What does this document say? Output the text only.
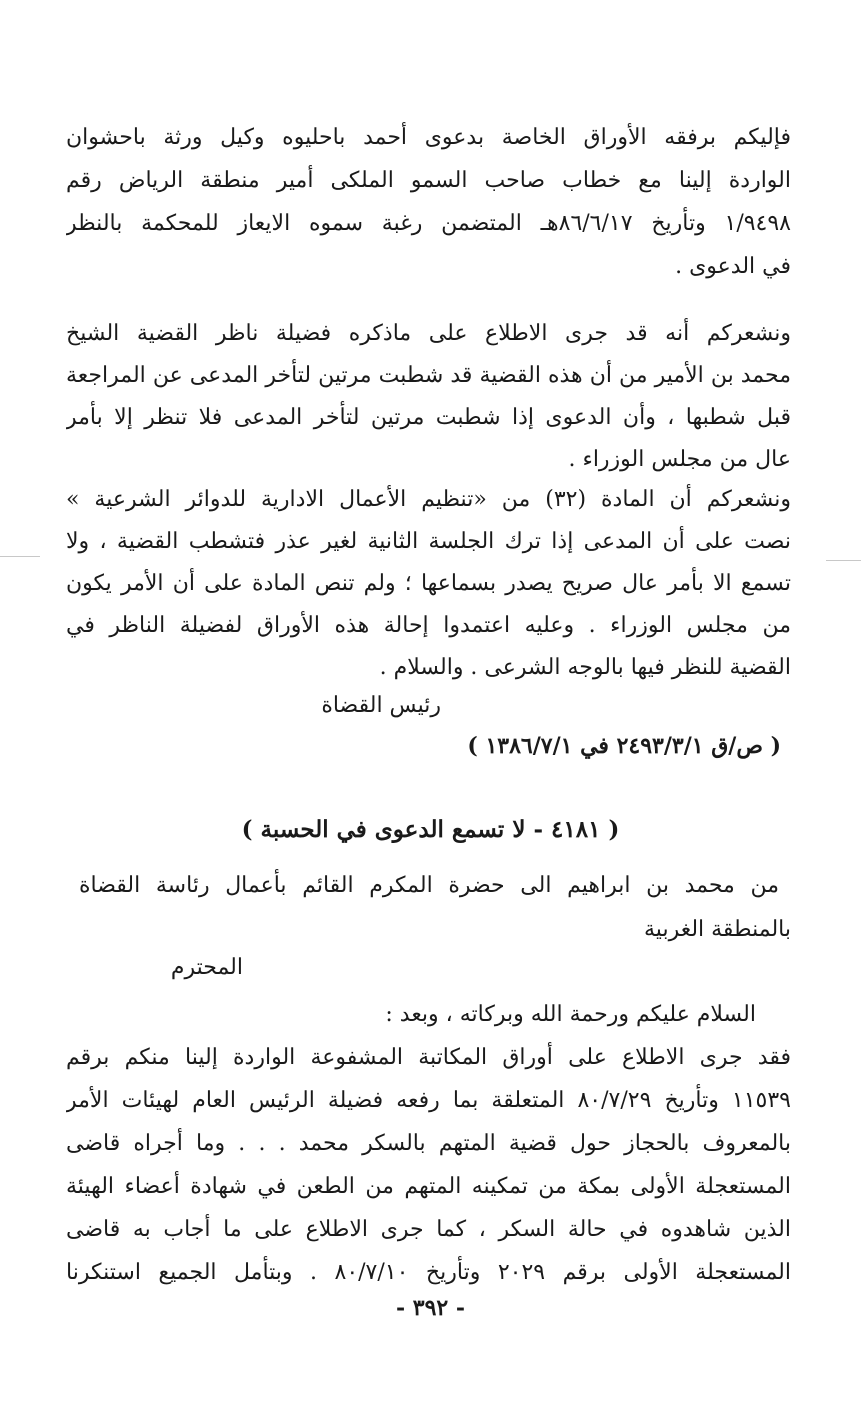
فإليكم برفقه الأوراق الخاصة بدعوى أحمد باحليوه وكيل ورثة باحشوان
الواردة إلينا مع خطاب صاحب السمو الملكى أمير منطقة الرياض رقم
١/٩٤٩٨ وتأريخ ٨٦/٦/١٧هـ المتضمن رغبة سموه الايعاز للمحكمة بالنظر
في الدعوى .
ونشعركم أنه قد جرى الاطلاع على ماذكره فضيلة ناظر القضية الشيخ
محمد بن الأمير من أن هذه القضية قد شطبت مرتين لتأخر المدعى عن المراجعة
قبل شطبها ، وأن الدعوى إذا شطبت مرتين لتأخر المدعى فلا تنظر إلا بأمر
عال من مجلس الوزراء .
ونشعركم أن المادة (٣٢) من «تنظيم الأعمال الادارية للدوائر الشرعية »
نصت على أن المدعى إذا ترك الجلسة الثانية لغير عذر فتشطب القضية ، ولا
تسمع الا بأمر عال صريح يصدر بسماعها ؛ ولم تنص المادة على أن الأمر يكون
من مجلس الوزراء . وعليه اعتمدوا إحالة هذه الأوراق لفضيلة الناظر في
القضية للنظر فيها بالوجه الشرعى . والسلام .
رئيس القضاة
( ص/ق ٢٤٩٣/٣/١ في ١٣٨٦/٧/١ )
( ٤١٨١ - لا تسمع الدعوى في الحسبة )
من محمد بن ابراهيم الى حضرة المكرم القائم بأعمال رئاسة القضاة
بالمنطقة الغربية
المحترم
السلام عليكم ورحمة الله وبركاته ، وبعد :
فقد جرى الاطلاع على أوراق المكاتبة المشفوعة الواردة إلينا منكم برقم
١١٥٣٩ وتأريخ ٨٠/٧/٢٩ المتعلقة بما رفعه فضيلة الرئيس العام لهيئات الأمر
بالمعروف بالحجاز حول قضية المتهم بالسكر محمد . . . وما أجراه قاضى
المستعجلة الأولى بمكة من تمكينه المتهم من الطعن في شهادة أعضاء الهيئة
الذين شاهدوه في حالة السكر ، كما جرى الاطلاع على ما أجاب به قاضى
المستعجلة الأولى برقم ٢٠٢٩ وتأريخ ٨٠/٧/١٠ . وبتأمل الجميع استنكرنا
- ٣٩٢ -
